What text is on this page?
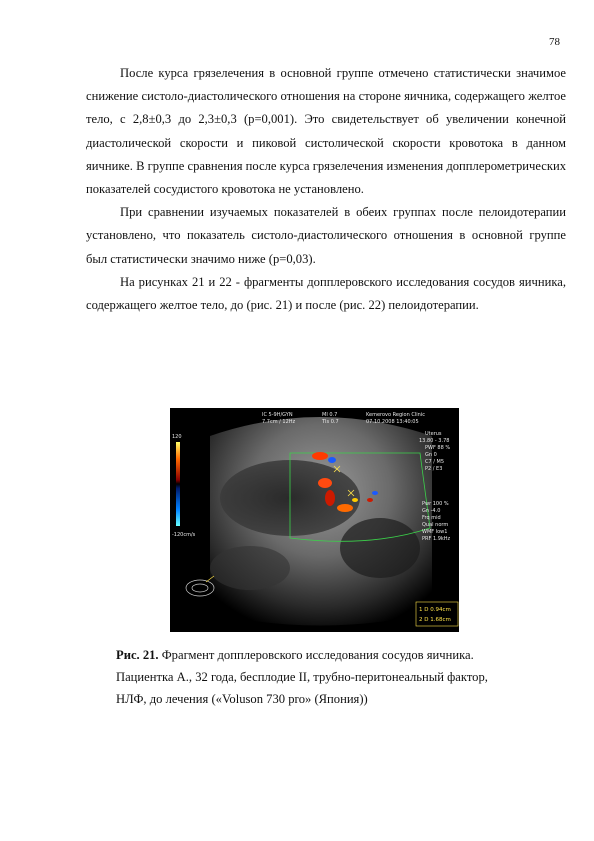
78

После курса грязелечения в основной группе отмечено статистически значимое снижение систоло-диастолического отношения на стороне яичника, содержащего желтое тело, с 2,8±0,3 до 2,3±0,3 (р=0,001). Это свидетельствует об увеличении конечной диастолической скорости и пиковой систолической скорости кровотока в данном яичнике. В группе сравнения после курса грязелечения изменения допплерометрических показателей сосудистого кровотока не установлено.

При сравнении изучаемых показателей в обеих группах после пелоидотерапии установлено, что показатель систоло-диастолического отношения в основной группе был статистически значимо ниже (р=0,03).

На рисунках 21 и 22 - фрагменты допплеровского исследования сосудов яичника, содержащего желтое тело, до (рис. 21) и после (рис. 22) пелоидотерапии.

120
-120cm/s
IC 5-9H/GYN
7.7cm / 12Hz
MI 0.7
TIs 0.7
Kemerovo Region Clinic
07.10.2008 13:40:05
Uterus
13.80 - 3.78
PWF 88 %
Gn 0
C7 / M5
P2 / E3
Pwr 100 %
Gn -4.0
Frq mid
Qual norm
WMF low1
PRF 1.9kHz
1 D 0.94cm
2 D 1.68cm

Рис. 21. Фрагмент допплеровского исследования сосудов яичника.

Пациентка А., 32 года, бесплодие II, трубно-перитонеальный фактор,

НЛФ, до лечения («Voluson 730 pro» (Япония))
